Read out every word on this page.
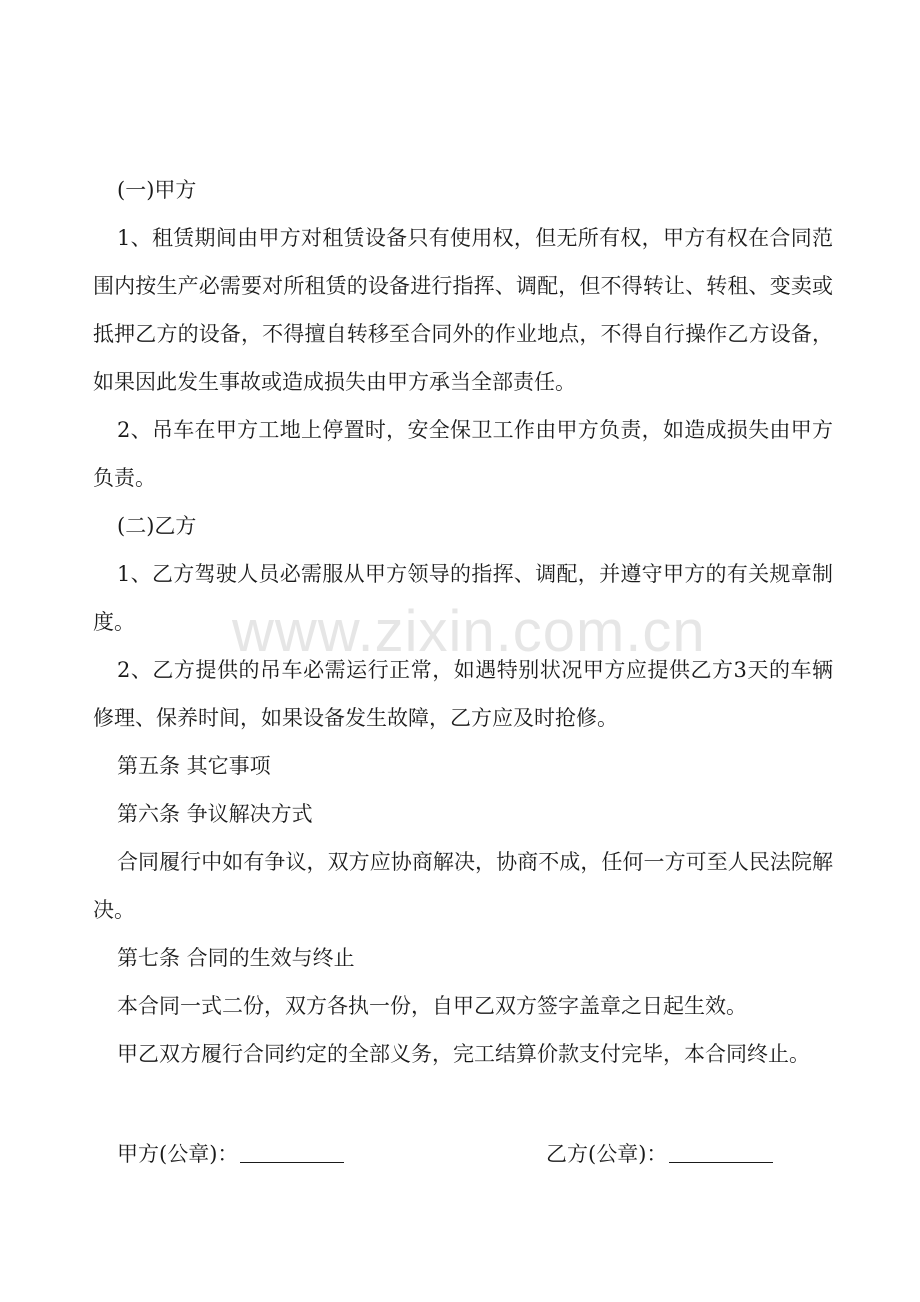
(一)甲方

1、租赁期间由甲方对租赁设备只有使用权，但无所有权，甲方有权在合同范围内按生产必需要对所租赁的设备进行指挥、调配，但不得转让、转租、变卖或抵押乙方的设备，不得擅自转移至合同外的作业地点，不得自行操作乙方设备，如果因此发生事故或造成损失由甲方承当全部责任。

2、吊车在甲方工地上停置时，安全保卫工作由甲方负责，如造成损失由甲方负责。

(二)乙方

1、乙方驾驶人员必需服从甲方领导的指挥、调配，并遵守甲方的有关规章制度。

2、乙方提供的吊车必需运行正常，如遇特别状况甲方应提供乙方3天的车辆修理、保养时间，如果设备发生故障，乙方应及时抢修。

第五条 其它事项

第六条 争议解决方式

合同履行中如有争议，双方应协商解决，协商不成，任何一方可至人民法院解决。

第七条 合同的生效与终止

本合同一式二份，双方各执一份，自甲乙双方签字盖章之日起生效。

甲乙双方履行合同约定的全部义务，完工结算价款支付完毕，本合同终止。

甲方(公章)：	乙方(公章)：
www.zixin.com.cn
